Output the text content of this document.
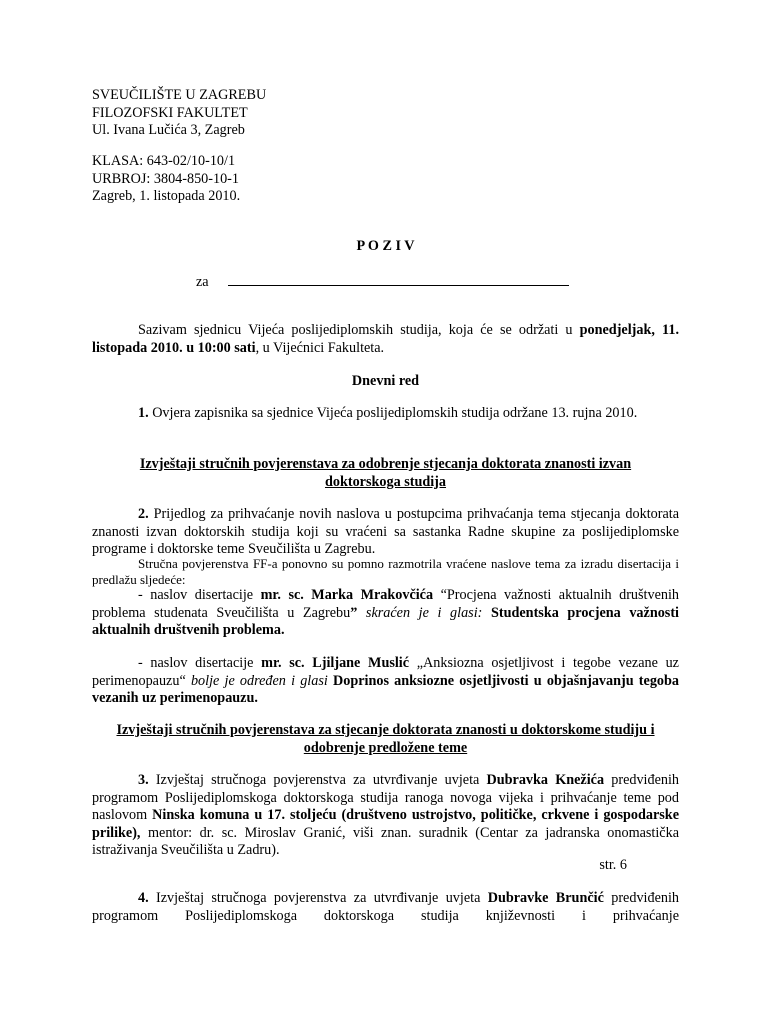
SVEUČILIŠTE U ZAGREBU
FILOZOFSKI FAKULTET
Ul. Ivana Lučića 3, Zagreb
KLASA: 643-02/10-10/1
URBROJ: 3804-850-10-1
Zagreb, 1. listopada 2010.
P O Z I V
za
Sazivam sjednicu Vijeća poslijediplomskih studija, koja će se održati u ponedjeljak, 11. listopada 2010. u 10:00 sati, u Vijećnici Fakulteta.
Dnevni red
1. Ovjera zapisnika sa sjednice Vijeća poslijediplomskih studija održane 13. rujna 2010.
Izvještaji stručnih povjerenstava za odobrenje stjecanja doktorata znanosti izvan doktorskoga studija
2. Prijedlog za prihvaćanje novih naslova u postupcima prihvaćanja tema stjecanja doktorata znanosti izvan doktorskih studija koji su vraćeni sa sastanka Radne skupine za poslijediplomske programe i doktorske teme Sveučilišta u Zagrebu.
Stručna povjerenstva FF-a ponovno su pomno razmotrila vraćene naslove tema za izradu disertacija i predlažu sljedeće:
- naslov disertacije mr. sc. Marka Mrakovčića “Procjena važnosti aktualnih društvenih problema studenata Sveučilišta u Zagrebu” skraćen je i glasi: Studentska procjena važnosti aktualnih društvenih problema.
- naslov disertacije mr. sc. Ljiljane Muslić „Anksiozna osjetljivost i tegobe vezane uz perimenopauzu“ bolje je određen i glasi Doprinos anksiozne osjetljivosti u objašnjavanju tegoba vezanih uz perimenopauzu.
Izvještaji stručnih povjerenstava za stjecanje doktorata znanosti u doktorskome studiju i odobrenje predložene teme
3. Izvještaj stručnoga povjerenstva za utvrđivanje uvjeta Dubravka Knežića predviđenih programom Poslijediplomskoga doktorskoga studija ranoga novoga vijeka i prihvaćanje teme pod naslovom Ninska komuna u 17. stoljeću (društveno ustrojstvo, političke, crkvene i gospodarske prilike), mentor: dr. sc. Miroslav Granić, viši znan. suradnik (Centar za jadranska onomastička istraživanja Sveučilišta u Zadru).
str. 6
4. Izvještaj stručnoga povjerenstva za utvrđivanje uvjeta Dubravke Brunčić predviđenih programom Poslijediplomskoga doktorskoga studija književnosti i prihvaćanje
